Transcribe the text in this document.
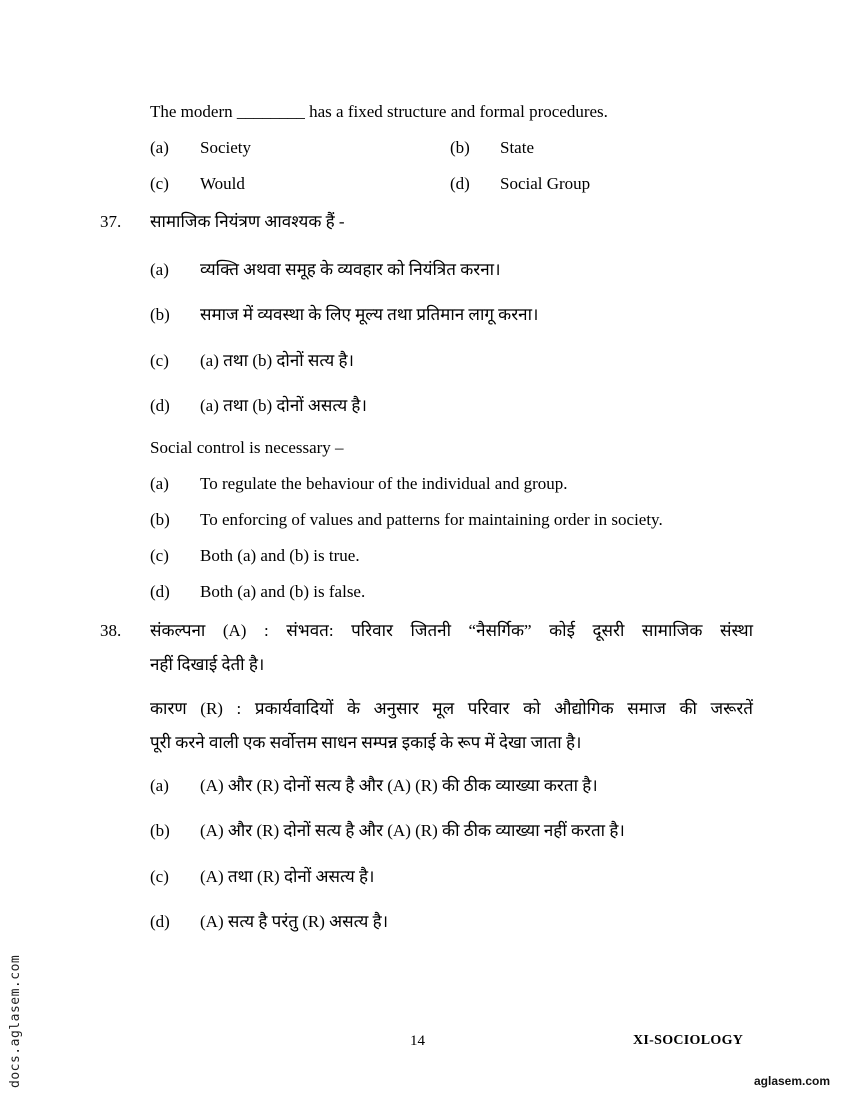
The modern ________ has a fixed structure and formal procedures.
(a) Society	(b) State
(c) Would	(d) Social Group
37. सामाजिक नियंत्रण आवश्यक हैं -
(a) व्यक्ति अथवा समूह के व्यवहार को नियंत्रित करना।
(b) समाज में व्यवस्था के लिए मूल्य तथा प्रतिमान लागू करना।
(c) (a) तथा (b) दोनों सत्य है।
(d) (a) तथा (b) दोनों असत्य है।
Social control is necessary –
(a) To regulate the behaviour of the individual and group.
(b) To enforcing of values and patterns for maintaining order in society.
(c) Both (a) and (b) is true.
(d) Both (a) and (b) is false.
38. संकल्पना (A) : संभवत: परिवार जितनी “नैसर्गिक” कोई दूसरी सामाजिक संस्था
नहीं दिखाई देती है।
कारण (R) : प्रकार्यवादियों के अनुसार मूल परिवार को औद्योगिक समाज की जरूरतें
पूरी करने वाली एक सर्वोत्तम साधन सम्पन्न इकाई के रूप में देखा जाता है।
(a) (A) और (R) दोनों सत्य है और (A) (R) की ठीक व्याख्या करता है।
(b) (A) और (R) दोनों सत्य है और (A) (R) की ठीक व्याख्या नहीं करता है।
(c) (A) तथा (R) दोनों असत्य है।
(d) (A) सत्य है परंतु (R) असत्य है।
14	XI-SOCIOLOGY
docs.aglasem.com	aglasem.com
